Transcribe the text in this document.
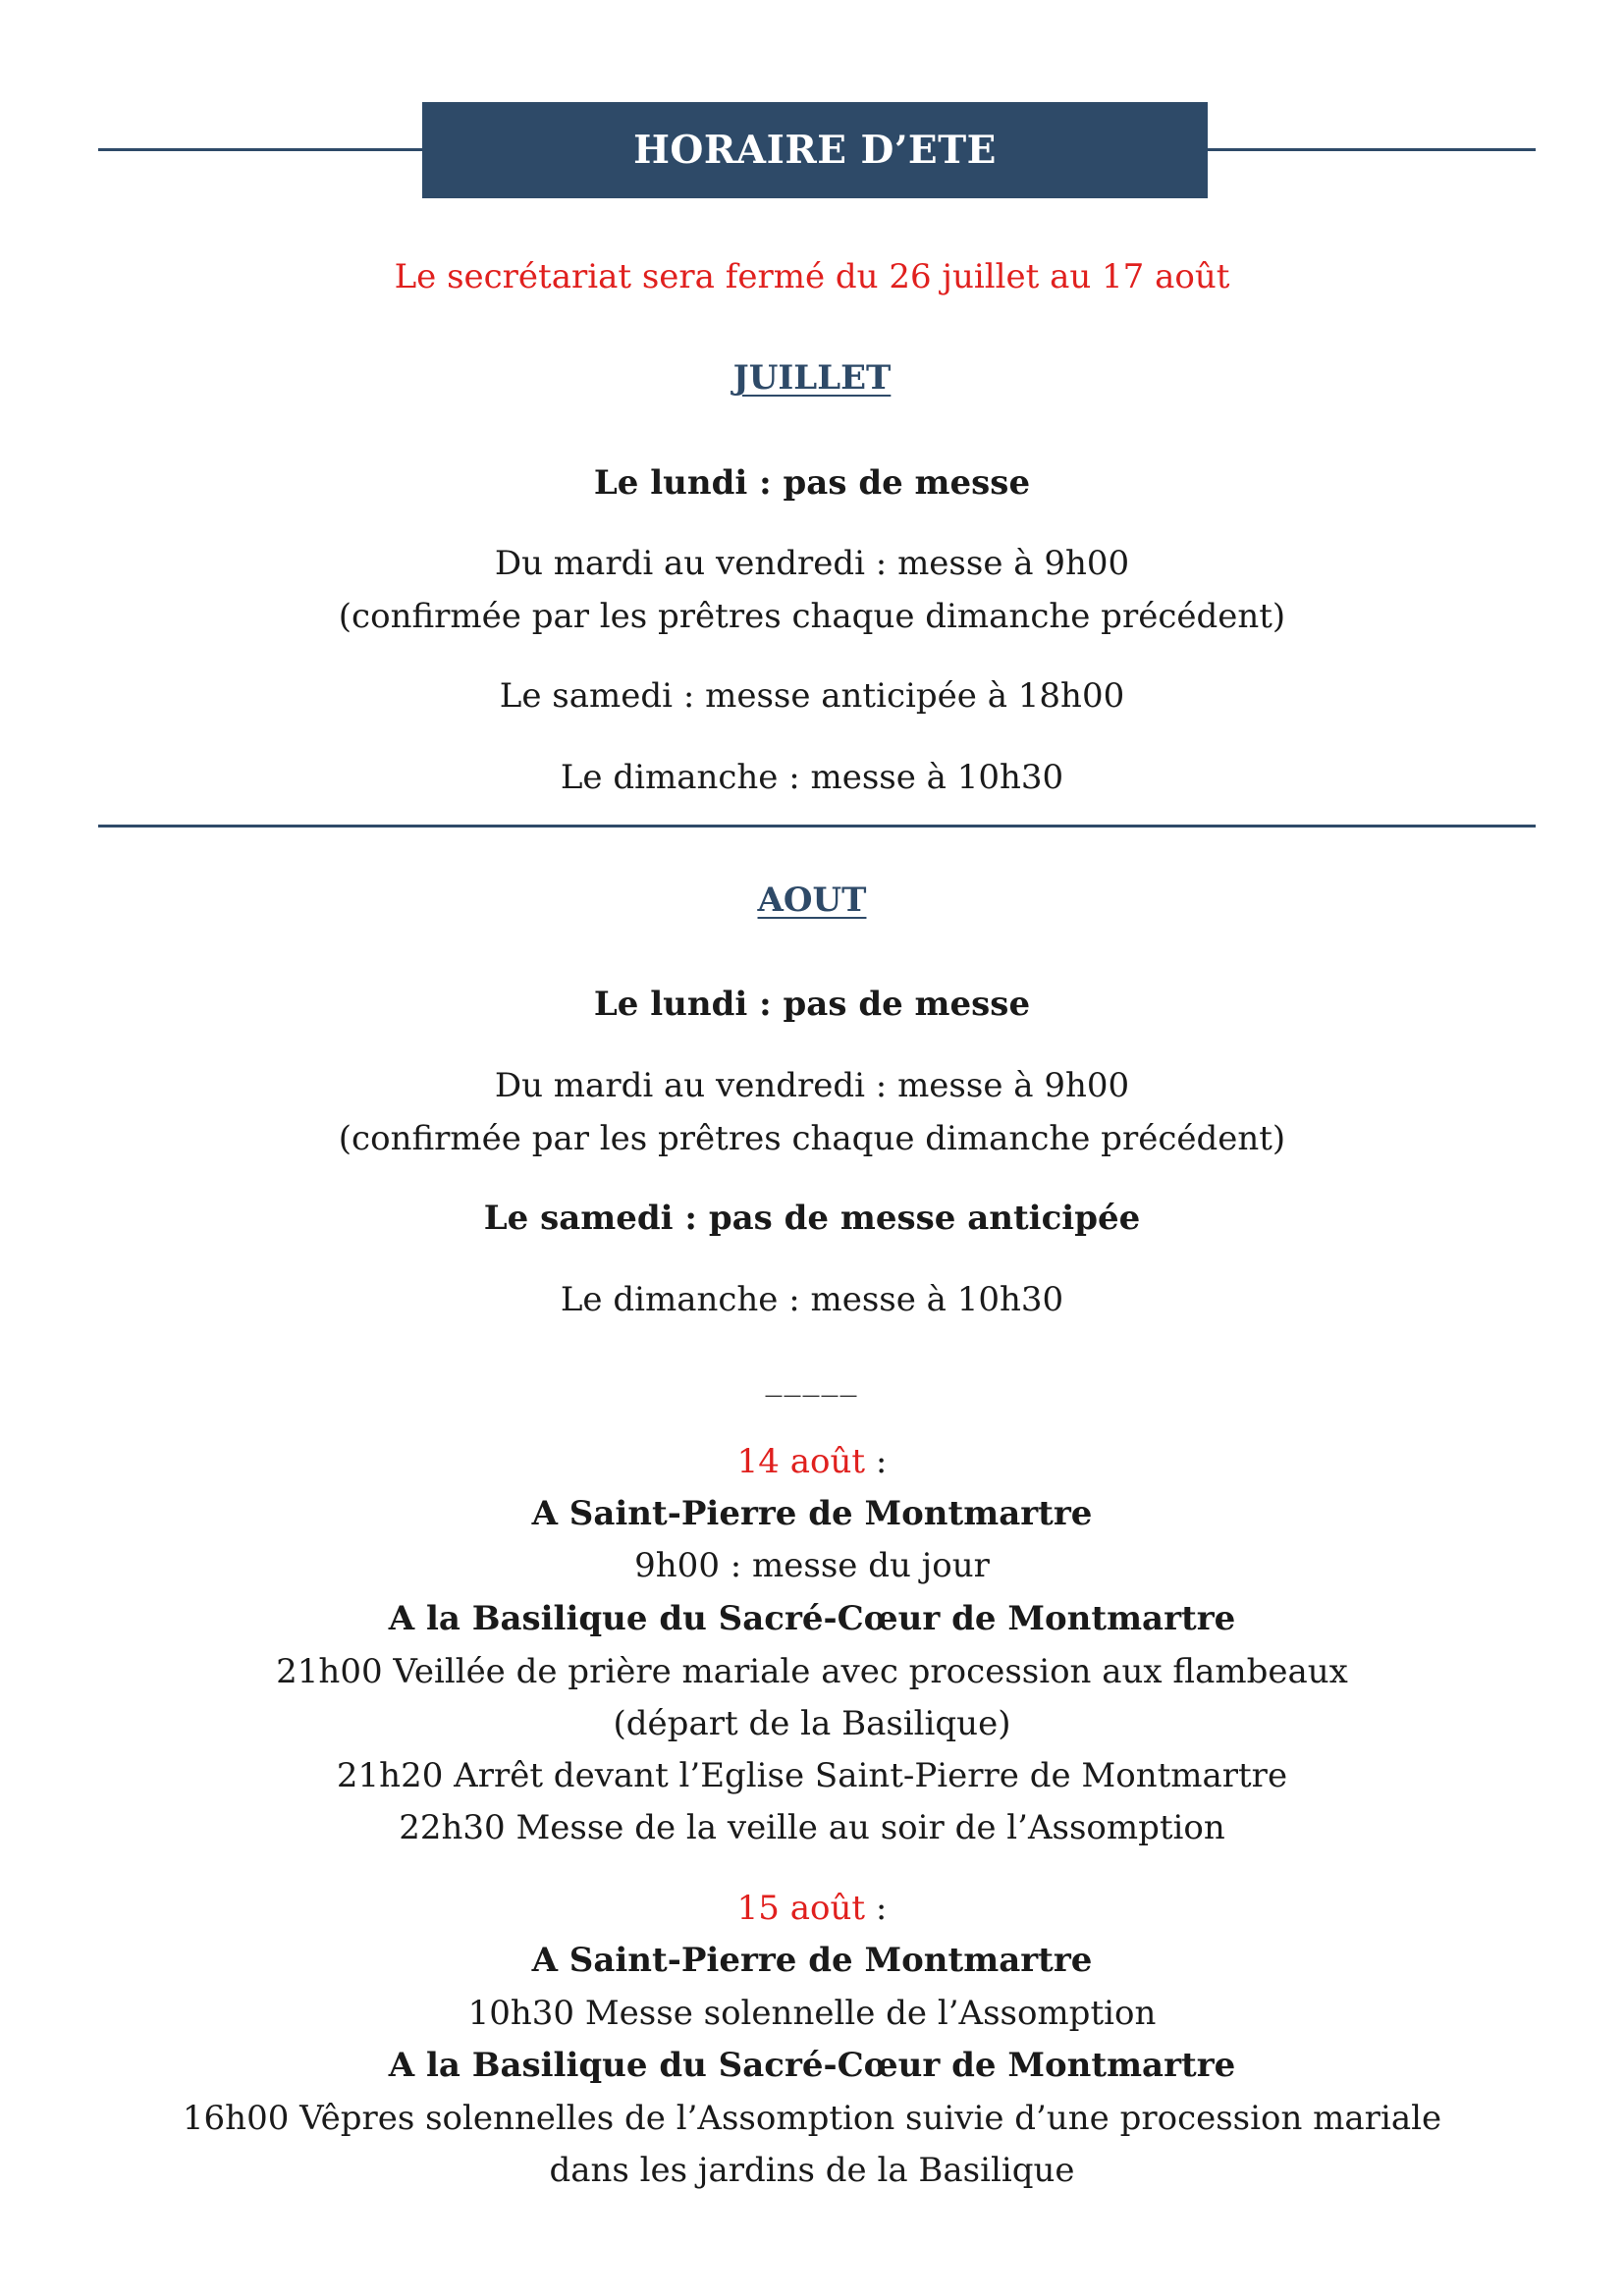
HORAIRE D’ETE
Le secrétariat sera fermé du 26 juillet au 17 août
JUILLET
Le lundi : pas de messe
Du mardi au vendredi : messe à 9h00
(confirmée par les prêtres chaque dimanche précédent)
Le samedi : messe anticipée à 18h00
Le dimanche : messe à 10h30
AOUT
Le lundi : pas de messe
Du mardi au vendredi : messe à 9h00
(confirmée par les prêtres chaque dimanche précédent)
Le samedi : pas de messe anticipée
Le dimanche : messe à 10h30
_____
14 août :
A Saint-Pierre de Montmartre
9h00 : messe du jour
A la Basilique du Sacré-Cœur de Montmartre
21h00 Veillée de prière mariale avec procession aux flambeaux
(départ de la Basilique)
21h20 Arrêt devant l’Eglise Saint-Pierre de Montmartre
22h30 Messe de la veille au soir de l’Assomption
15 août :
A Saint-Pierre de Montmartre
10h30 Messe solennelle de l’Assomption
A la Basilique du Sacré-Cœur de Montmartre
16h00 Vêpres solennelles de l’Assomption suivie d’une procession mariale
dans les jardins de la Basilique
